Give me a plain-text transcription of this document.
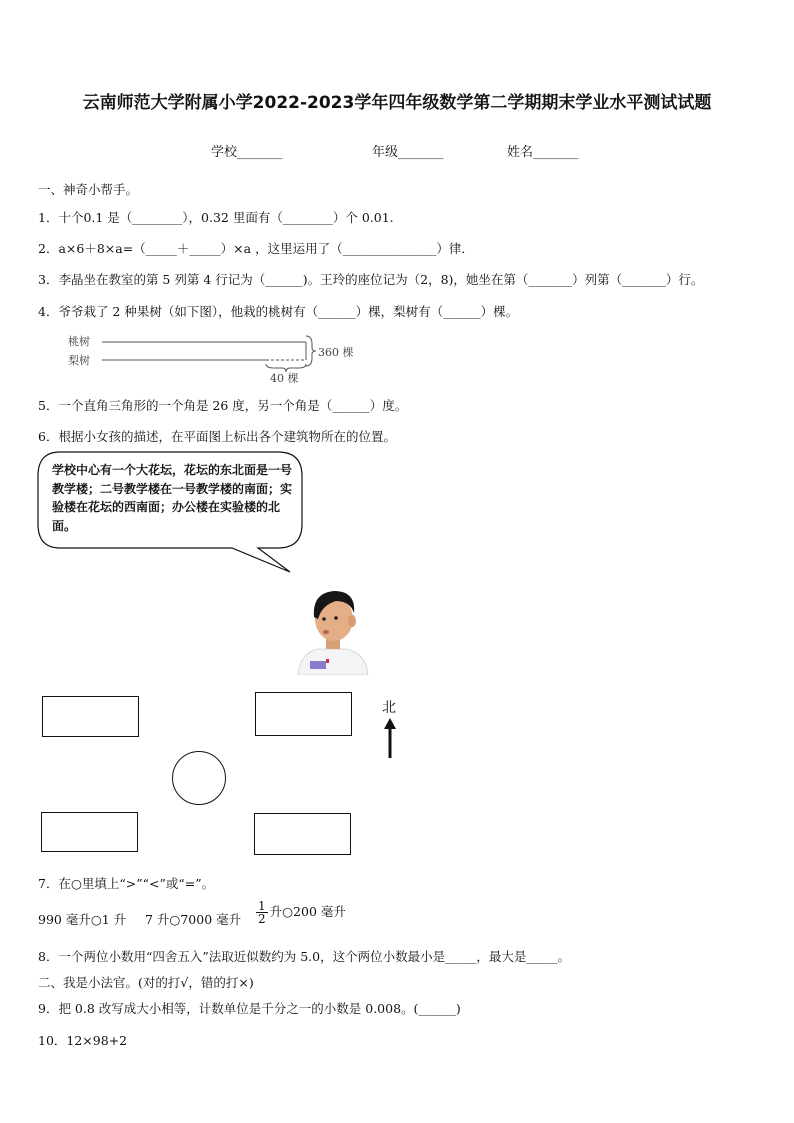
云南师范大学附属小学2022-2023学年四年级数学第二学期期末学业水平测试试题
学校_______	年级_______	姓名_______
一、神奇小帮手。
1．十个0.1 是（________），0.32 里面有（________）个 0.01.
2．a×6＋8×a=（_____＋_____）×a ，这里运用了（_______________）律．
3．李晶坐在教室的第 5 列第 4 行记为（______)。王玲的座位记为（2，8)，她坐在第（_______）列第（_______）行。
4．爷爷栽了 2 种果树（如下图），他栽的桃树有（______）棵，梨树有（______）棵。
桃树
梨树
360 棵
40 棵
5．一个直角三角形的一个角是 26 度，另一个角是（______）度。
6．根据小女孩的描述，在平面图上标出各个建筑物所在的位置。
学校中心有一个大花坛，花坛的东北面是一号教学楼；二号教学楼在一号教学楼的南面；实验楼在花坛的西南面；办公楼在实验楼的北面。
北
7．在○里填上“>”“<”或“=”。
990 毫升○1 升 7 升○7000 毫升 $\frac{1}{2}$ 升○200 毫升
8．一个两位小数用“四舍五入”法取近似数约为 5.0，这个两位小数最小是_____，最大是_____。
二、我是小法官。(对的打√，错的打×)
9．把 0.8 改写成大小相等，计数单位是千分之一的小数是 0.008。(______)
10．12×98+2
